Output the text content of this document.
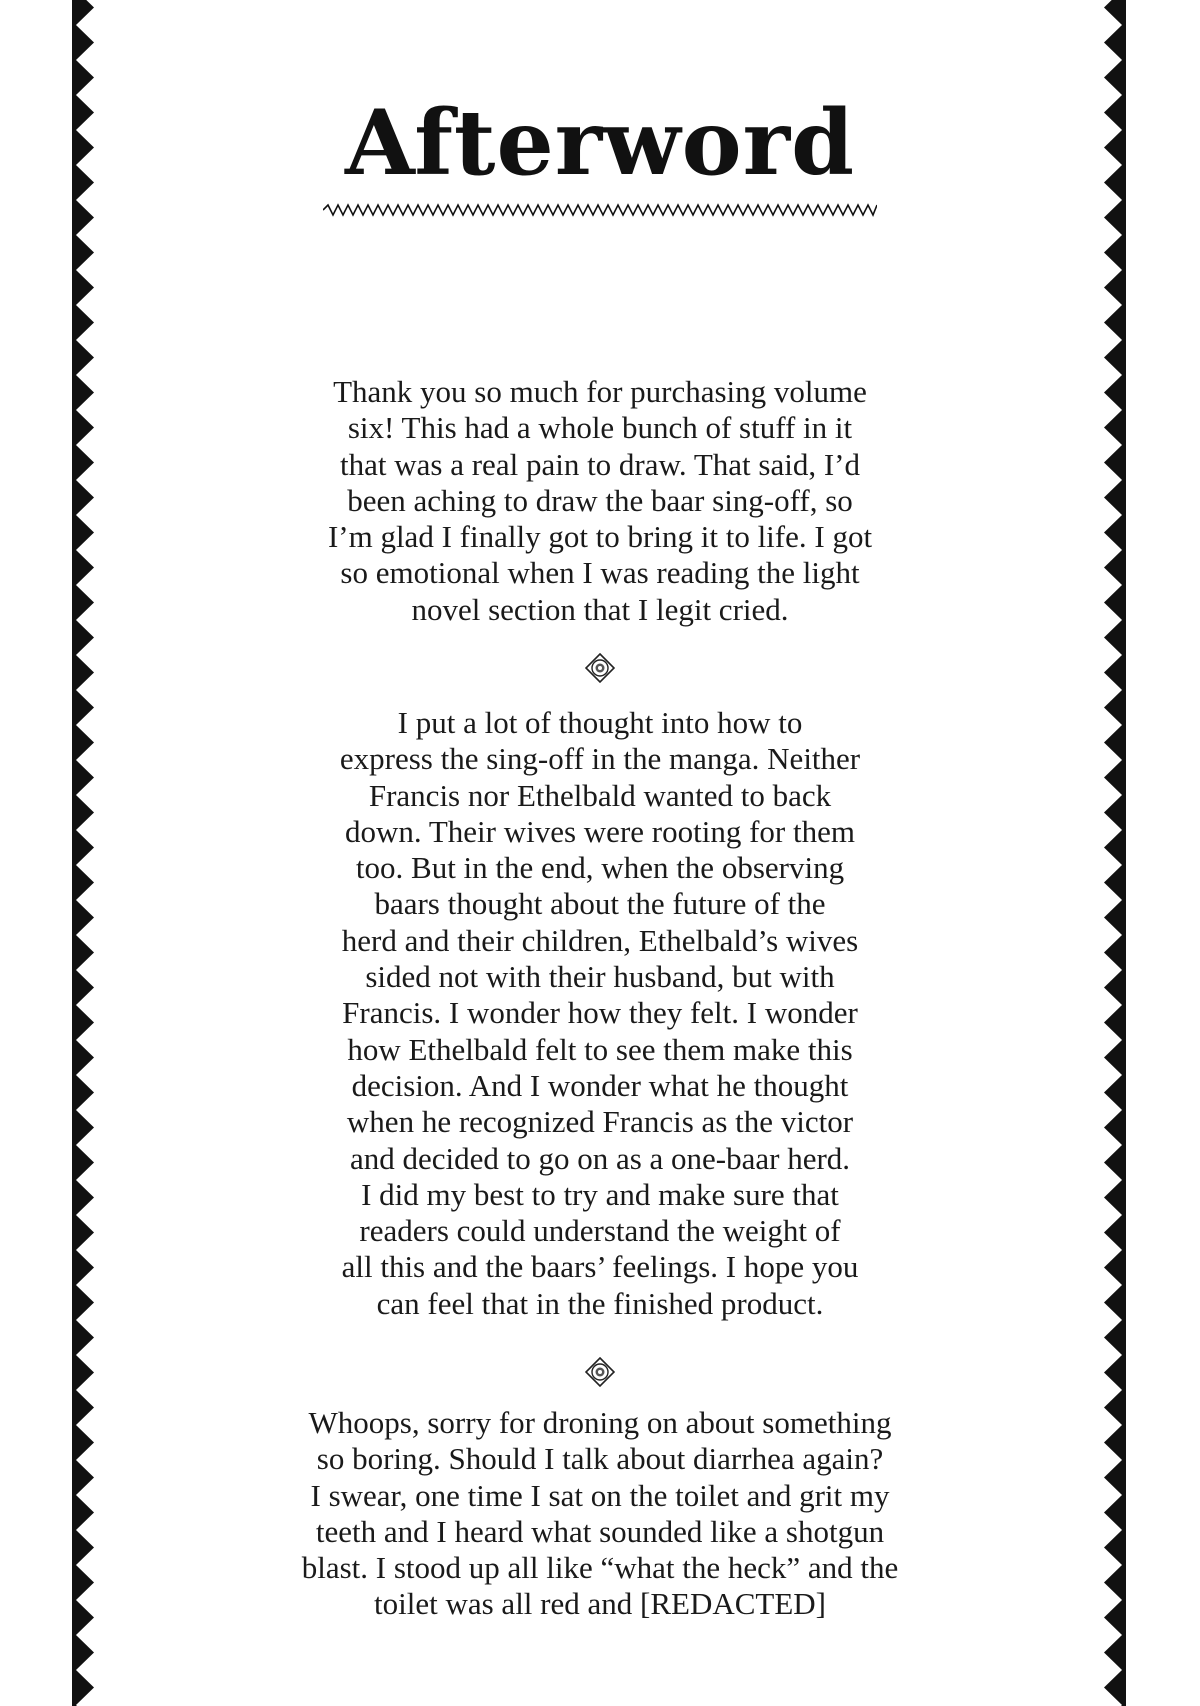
Afterword
Thank you so much for purchasing volume
six! This had a whole bunch of stuff in it
that was a real pain to draw. That said, I’d
been aching to draw the baar sing-off, so
I’m glad I finally got to bring it to life. I got
so emotional when I was reading the light
novel section that I legit cried.
I put a lot of thought into how to
express the sing-off in the manga. Neither
Francis nor Ethelbald wanted to back
down. Their wives were rooting for them
too. But in the end, when the observing
baars thought about the future of the
herd and their children, Ethelbald’s wives
sided not with their husband, but with
Francis. I wonder how they felt. I wonder
how Ethelbald felt to see them make this
decision. And I wonder what he thought
when he recognized Francis as the victor
and decided to go on as a one-baar herd.
I did my best to try and make sure that
readers could understand the weight of
all this and the baars’ feelings. I hope you
can feel that in the finished product.
Whoops, sorry for droning on about something
so boring. Should I talk about diarrhea again?
I swear, one time I sat on the toilet and grit my
teeth and I heard what sounded like a shotgun
blast. I stood up all like “what the heck” and the
toilet was all red and [REDACTED]
